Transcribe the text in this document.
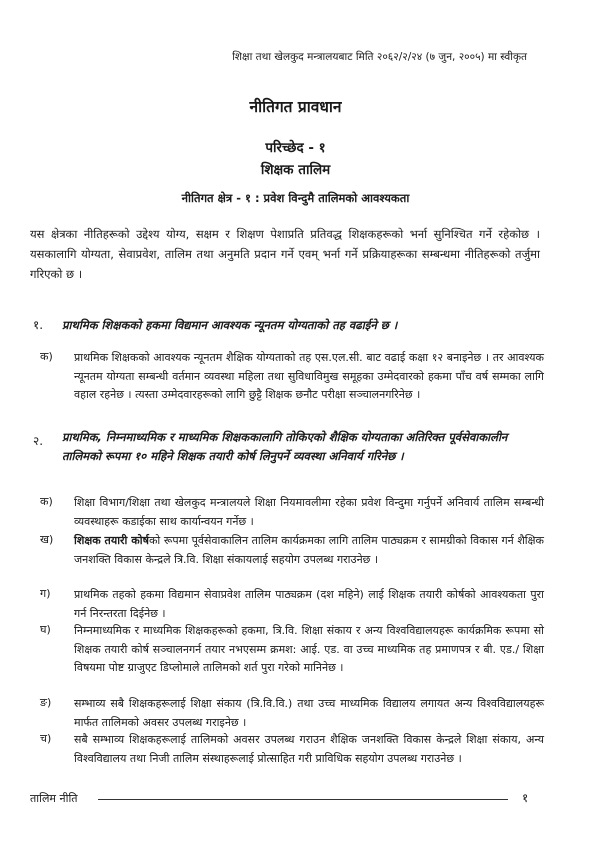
शिक्षा तथा खेलकुद मन्त्रालयबाट मिति २०६२/२/२४ (७ जुन, २००५) मा स्वीकृत
नीतिगत प्रावधान
परिच्छेद - १
शिक्षक तालिम
नीतिगत क्षेत्र - १ : प्रवेश विन्दुमै तालिमको आवश्यकता

यस क्षेत्रका नीतिहरूको उद्देश्य योग्य, सक्षम र शिक्षण पेशाप्रति प्रतिवद्ध शिक्षकहरूको भर्ना सुनिश्चित गर्ने रहेकोछ । यसकालागि योग्यता, सेवाप्रवेश, तालिम तथा अनुमति प्रदान गर्ने एवम् भर्ना गर्ने प्रक्रियाहरूका सम्बन्धमा नीतिहरूको तर्जुमा गरिएको छ ।

१. प्राथमिक शिक्षकको हकमा विद्यमान आवश्यक न्यूनतम योग्यताको तह वढाईने छ ।

क)	प्राथमिक शिक्षकको आवश्यक न्यूनतम शैक्षिक योग्यताको तह एस.एल.सी. बाट वढाई कक्षा १२ बनाइनेछ । तर आवश्यक न्यूनतम योग्यता सम्बन्धी वर्तमान व्यवस्था महिला तथा सुविधाविमुख समूहका उम्मेदवारको हकमा पाँच वर्ष सम्मका लागि वहाल रहनेछ । त्यस्ता उम्मेदवारहरूको लागि छुट्टै शिक्षक छनौट परीक्षा सञ्चालनगरिनेछ ।
२. प्राथमिक, निम्नमाध्यमिक र माध्यमिक शिक्षककालागि तोकिएको शैक्षिक योग्यताका अतिरिक्त पूर्वसेवाकालीन तालिमको रूपमा १० महिने शिक्षक तयारी कोर्ष लिनुपर्ने व्यवस्था अनिवार्य गरिनेछ ।

क)	शिक्षा विभाग/शिक्षा तथा खेलकुद मन्त्रालयले शिक्षा नियमावलीमा रहेका प्रवेश विन्दुमा गर्नुपर्ने अनिवार्य तालिम सम्बन्धी व्यवस्थाहरू कडाईका साथ कार्यान्वयन गर्नेछ ।
ख)	शिक्षक तयारी कोर्षको रूपमा पूर्वसेवाकालिन तालिम कार्यक्रमका लागि तालिम पाठ्यक्रम र सामग्रीको विकास गर्न शैक्षिक जनशक्ति विकास केन्द्रले त्रि.वि. शिक्षा संकायलाई सहयोग उपलब्ध गराउनेछ ।
ग)	प्राथमिक तहको हकमा विद्यमान सेवाप्रवेश तालिम पाठ्यक्रम (दश महिने) लाई शिक्षक तयारी कोर्षको आवश्यकता पुरा गर्न निरन्तरता दिईनेछ ।
घ)	निम्नमाध्यमिक र माध्यमिक शिक्षकहरूको हकमा, त्रि.वि. शिक्षा संकाय र अन्य विश्वविद्यालयहरू कार्यक्रमिक रूपमा सो शिक्षक तयारी कोर्ष सञ्चालनगर्न तयार नभएसम्म क्रमश: आई. एड. वा उच्च माध्यमिक तह प्रमाणपत्र र बी. एड./ शिक्षा विषयमा पोष्ट ग्राजुएट डिप्लोमाले तालिमको शर्त पुरा गरेको मानिनेछ ।
ङ)	सम्भाव्य सबै शिक्षकहरूलाई शिक्षा संकाय (त्रि.वि.वि.) तथा उच्च माध्यमिक विद्यालय लगायत अन्य विश्वविद्यालयहरू मार्फत तालिमको अवसर उपलब्ध गराइनेछ ।
च)	सबै सम्भाव्य शिक्षकहरूलाई तालिमको अवसर उपलब्ध गराउन शैक्षिक जनशक्ति विकास केन्द्रले शिक्षा संकाय, अन्य विश्वविद्यालय तथा निजी तालिम संस्थाहरूलाई प्रोत्साहित गरी प्राविधिक सहयोग उपलब्ध गराउनेछ ।
तालिम नीति	१
